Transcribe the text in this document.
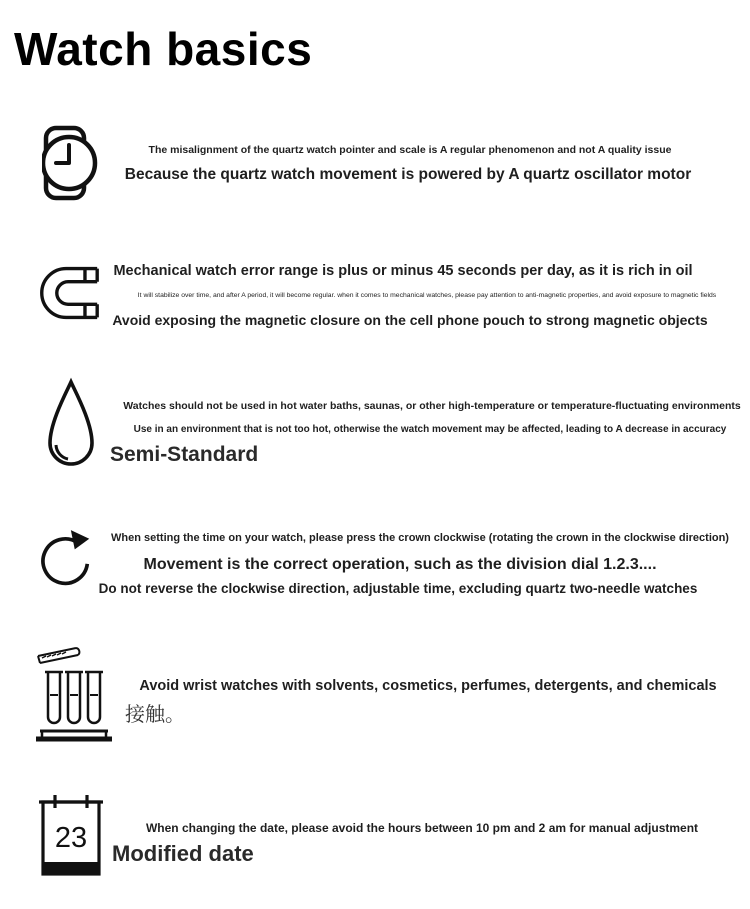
Watch basics
The misalignment of the quartz watch pointer and scale is A regular phenomenon and not A quality issue
Because the quartz watch movement is powered by A quartz oscillator motor
Mechanical watch error range is plus or minus 45 seconds per day, as it is rich in oil
It will stabilize over time, and after A period, it will become regular. when it comes to mechanical watches, please pay attention to anti-magnetic properties, and avoid exposure to magnetic fields
Avoid exposing the magnetic closure on the cell phone pouch to strong magnetic objects
Watches should not be used in hot water baths, saunas, or other high-temperature or temperature-fluctuating environments
Use in an environment that is not too hot, otherwise the watch movement may be affected, leading to A decrease in accuracy
Semi-Standard
When setting the time on your watch, please press the crown clockwise (rotating the crown in the clockwise direction)
Movement is the correct operation, such as the division dial 1.2.3....
Do not reverse the clockwise direction, adjustable time, excluding quartz two-needle watches
Avoid wrist watches with solvents, cosmetics, perfumes, detergents, and chemicals
接触。
23	When changing the date, please avoid the hours between 10 pm and 2 am for manual adjustment
Modified date
